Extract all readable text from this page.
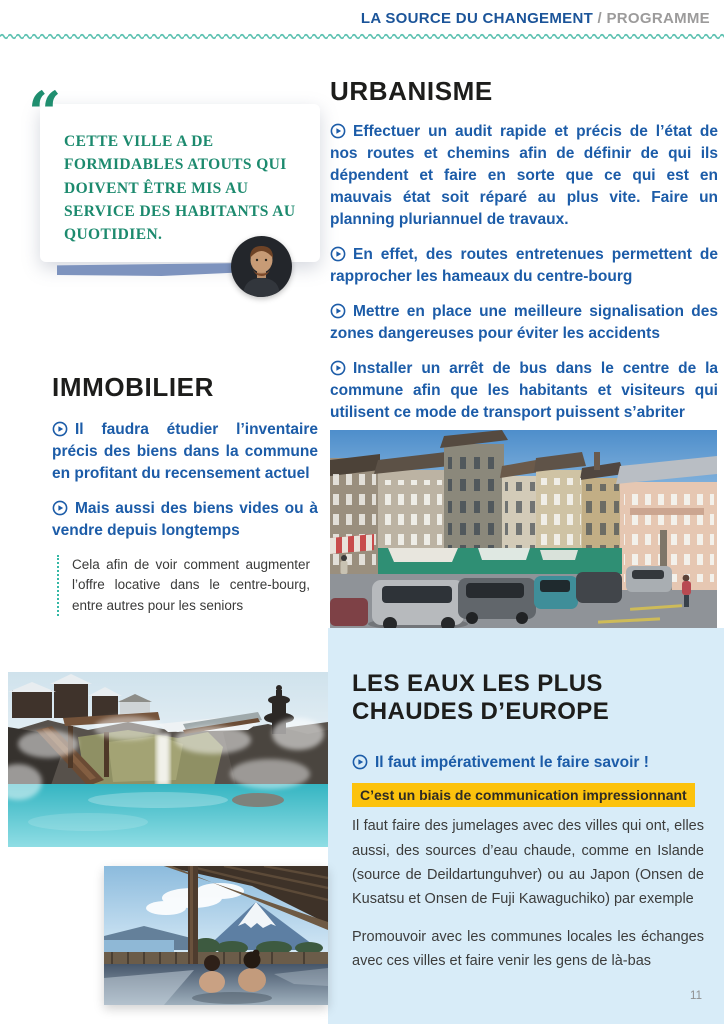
LA SOURCE DU CHANGEMENT / PROGRAMME
“ CETTE VILLE A DE FORMIDABLES ATOUTS QUI DOIVENT ÊTRE MIS AU SERVICE DES HABITANTS AU QUOTIDIEN.
IMMOBILIER

Il faudra étudier l’inventaire précis des biens dans la commune en profitant du recensement actuel

Mais aussi des biens vides ou à vendre depuis longtemps

Cela afin de voir comment augmenter l’offre locative dans le centre-bourg, entre autres pour les seniors
URBANISME

Effectuer un audit rapide et précis de l’état de nos routes et chemins afin de définir de qui ils dépendent et faire en sorte que ce qui est en mauvais état soit réparé au plus vite. Faire un planning pluriannuel de travaux.

En effet, des routes entretenues permettent de rapprocher les hameaux du centre-bourg

Mettre en place une meilleure signalisation des zones dangereuses pour éviter les accidents

Installer un arrêt de bus dans le centre de la commune afin que les habitants et visiteurs qui utilisent ce mode de transport puissent s’abriter

LES EAUX LES PLUS
CHAUDES D’EUROPE

Il faut impérativement le faire savoir !

C’est un biais de communication impressionnant

Il faut faire des jumelages avec des villes qui ont, elles aussi, des sources d’eau chaude, comme en Islande (source de Deildartunguhver) ou au Japon (Onsen de Kusatsu et Onsen de Fuji Kawaguchiko) par exemple

Promouvoir avec les communes locales les échanges avec ces villes et faire venir les gens de là-bas

11
